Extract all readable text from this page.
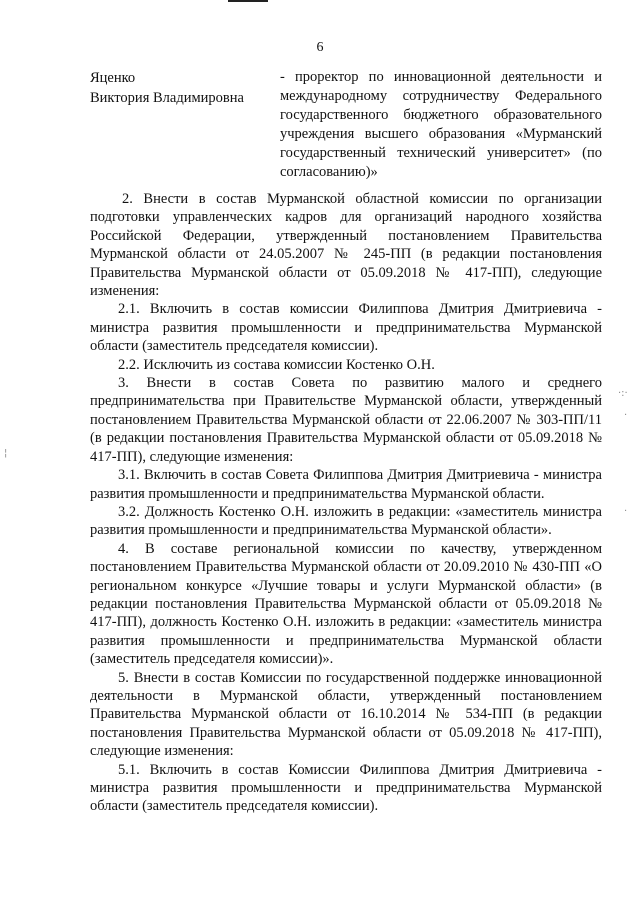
6
Яценко
Виктория Владимировна
- проректор по инновационной деятельности и международному сотрудничеству Федерального государственного бюджетного образовательного учреждения высшего образования «Мурманский государственный технический университет» (по согласованию)»

2. Внести в состав Мурманской областной комиссии по организации подготовки управленческих кадров для организаций народного хозяйства Российской Федерации, утвержденный постановлением Правительства Мурманской области от 24.05.2007 № 245-ПП (в редакции постановления Правительства Мурманской области от 05.09.2018 № 417-ПП), следующие изменения:

2.1. Включить в состав комиссии Филиппова Дмитрия Дмитриевича - министра развития промышленности и предпринимательства Мурманской области (заместитель председателя комиссии).

2.2. Исключить из состава комиссии Костенко О.Н.

3. Внести в состав Совета по развитию малого и среднего предпринимательства при Правительстве Мурманской области, утвержденный постановлением Правительства Мурманской области от 22.06.2007 № 303-ПП/11 (в редакции постановления Правительства Мурманской области от 05.09.2018 № 417-ПП), следующие изменения:

3.1. Включить в состав Совета Филиппова Дмитрия Дмитриевича - министра развития промышленности и предпринимательства Мурманской области.

3.2. Должность Костенко О.Н. изложить в редакции: «заместитель министра развития промышленности и предпринимательства Мурманской области».

4. В составе региональной комиссии по качеству, утвержденном постановлением Правительства Мурманской области от 20.09.2010 № 430-ПП «О региональном конкурсе «Лучшие товары и услуги Мурманской области» (в редакции постановления Правительства Мурманской области от 05.09.2018 № 417-ПП), должность Костенко О.Н. изложить в редакции: «заместитель министра развития промышленности и предпринимательства Мурманской области (заместитель председателя комиссии)».

5. Внести в состав Комиссии по государственной поддержке инновационной деятельности в Мурманской области, утвержденный постановлением Правительства Мурманской области от 16.10.2014 № 534-ПП (в редакции постановления Правительства Мурманской области от 05.09.2018 № 417-ПП), следующие изменения:

5.1. Включить в состав Комиссии Филиппова Дмитрия Дмитриевича - министра развития промышленности и предпринимательства Мурманской области (заместитель председателя комиссии).

·:·
·
¦
·
